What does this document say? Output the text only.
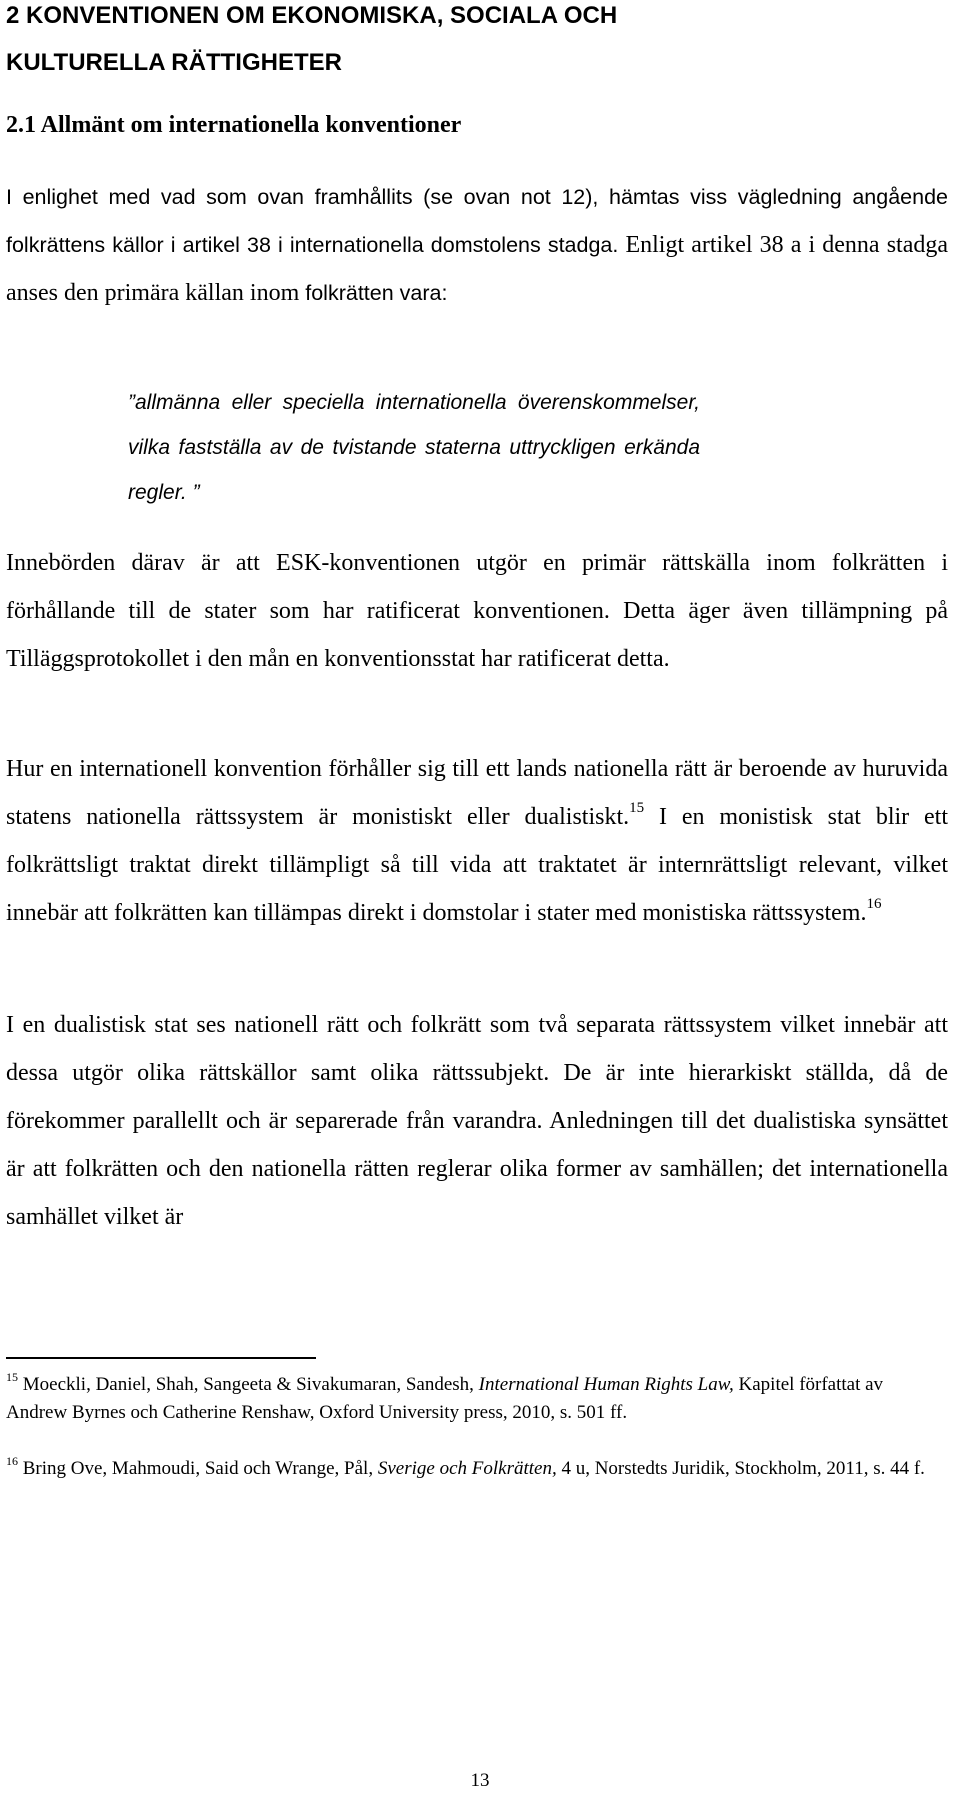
2 KONVENTIONEN OM EKONOMISKA, SOCIALA OCH
KULTURELLA RÄTTIGHETER
2.1 Allmänt om internationella konventioner

I enlighet med vad som ovan framhållits (se ovan not 12), hämtas viss vägledning angående folkrättens källor i artikel 38 i internationella domstolens stadga. Enligt artikel 38 a i denna stadga anses den primära källan inom folkrätten vara:

”allmänna eller speciella internationella överenskommelser, vilka fastställa av de tvistande staterna uttryckligen erkända regler. ”

Innebörden därav är att ESK-konventionen utgör en primär rättskälla inom folkrätten i förhållande till de stater som har ratificerat konventionen. Detta äger även tillämpning på Tilläggsprotokollet i den mån en konventionsstat har ratificerat detta.

Hur en internationell konvention förhåller sig till ett lands nationella rätt är beroende av huruvida statens nationella rättssystem är monistiskt eller dualistiskt.$^{15}$ I en monistisk stat blir ett folkrättsligt traktat direkt tillämpligt så till vida att traktatet är internrättsligt relevant, vilket innebär att folkrätten kan tillämpas direkt i domstolar i stater med monistiska rättssystem.$^{16}$

I en dualistisk stat ses nationell rätt och folkrätt som två separata rättssystem vilket innebär att dessa utgör olika rättskällor samt olika rättssubjekt. De är inte hierarkiskt ställda, då de förekommer parallellt och är separerade från varandra. Anledningen till det dualistiska synsättet är att folkrätten och den nationella rätten reglerar olika former av samhällen; det internationella samhället vilket är

$^{15}$ Moeckli, Daniel, Shah, Sangeeta & Sivakumaran, Sandesh, International Human Rights Law, Kapitel författat av Andrew Byrnes och Catherine Renshaw, Oxford University press, 2010, s. 501 ff.

$^{16}$ Bring Ove, Mahmoudi, Said och Wrange, Pål, Sverige och Folkrätten, 4 u, Norstedts Juridik, Stockholm, 2011, s. 44 f.

13
